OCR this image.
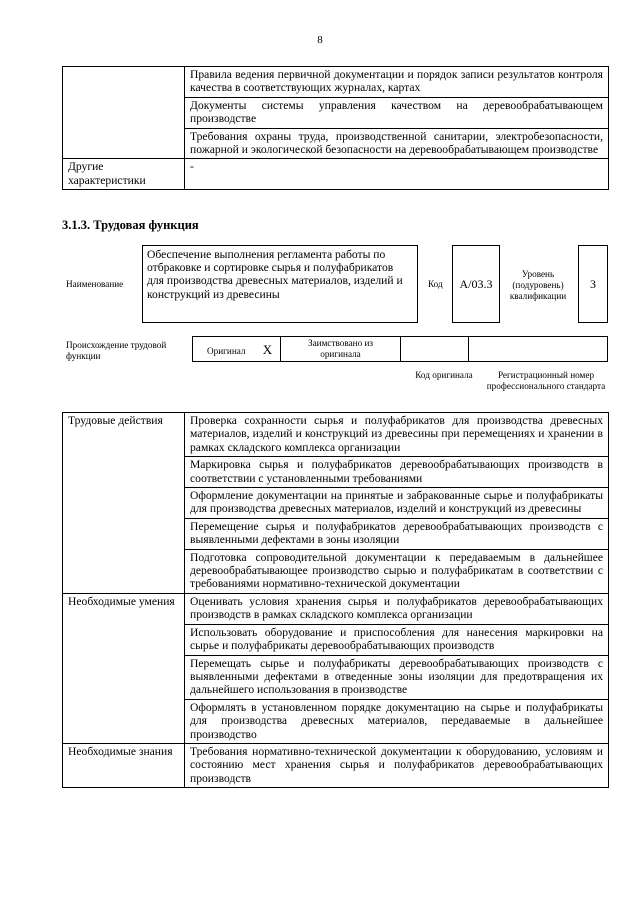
8
	Правила ведения первичной документации и порядок записи результатов контроля качества в соответствующих журналах, картах
	Документы системы управления качеством на деревообрабатывающем производстве
	Требования охраны труда, производственной санитарии, электробезопасности, пожарной и экологической безопасности на деревообрабатывающем производстве
Другие характеристики	-
3.1.3. Трудовая функция
Наименование
Обеспечение выполнения регламента работы по отбраковке и сортировке сырья и полуфабрикатов для производства древесных материалов, изделий и конструкций из древесины
Код A/03.3
Уровень (подуровень) квалификации
3
Происхождение трудовой функции	Оригинал	X	Заимствовано из оригинала
Код оригинала	Регистрационный номер профессионального стандарта
Трудовые действия	Проверка сохранности сырья и полуфабрикатов для производства древесных материалов, изделий и конструкций из древесины при перемещениях и хранении в рамках складского комплекса организации
	Маркировка сырья и полуфабрикатов деревообрабатывающих производств в соответствии с установленными требованиями
	Оформление документации на принятые и забракованные сырье и полуфабрикаты для производства древесных материалов, изделий и конструкций из древесины
	Перемещение сырья и полуфабрикатов деревообрабатывающих производств с выявленными дефектами в зоны изоляции
	Подготовка сопроводительной документации к передаваемым в дальнейшее деревообрабатывающее производство сырью и полуфабрикатам в соответствии с требованиями нормативно-технической документации
Необходимые умения	Оценивать условия хранения сырья и полуфабрикатов деревообрабатывающих производств в рамках складского комплекса организации
	Использовать оборудование и приспособления для нанесения маркировки на сырье и полуфабрикаты деревообрабатывающих производств
	Перемещать сырье и полуфабрикаты деревообрабатывающих производств с выявленными дефектами в отведенные зоны изоляции для предотвращения их дальнейшего использования в производстве
	Оформлять в установленном порядке документацию на сырье и полуфабрикаты для производства древесных материалов, передаваемые в дальнейшее производство
Необходимые знания	Требования нормативно-технической документации к оборудованию, условиям и состоянию мест хранения сырья и полуфабрикатов деревообрабатывающих производств
